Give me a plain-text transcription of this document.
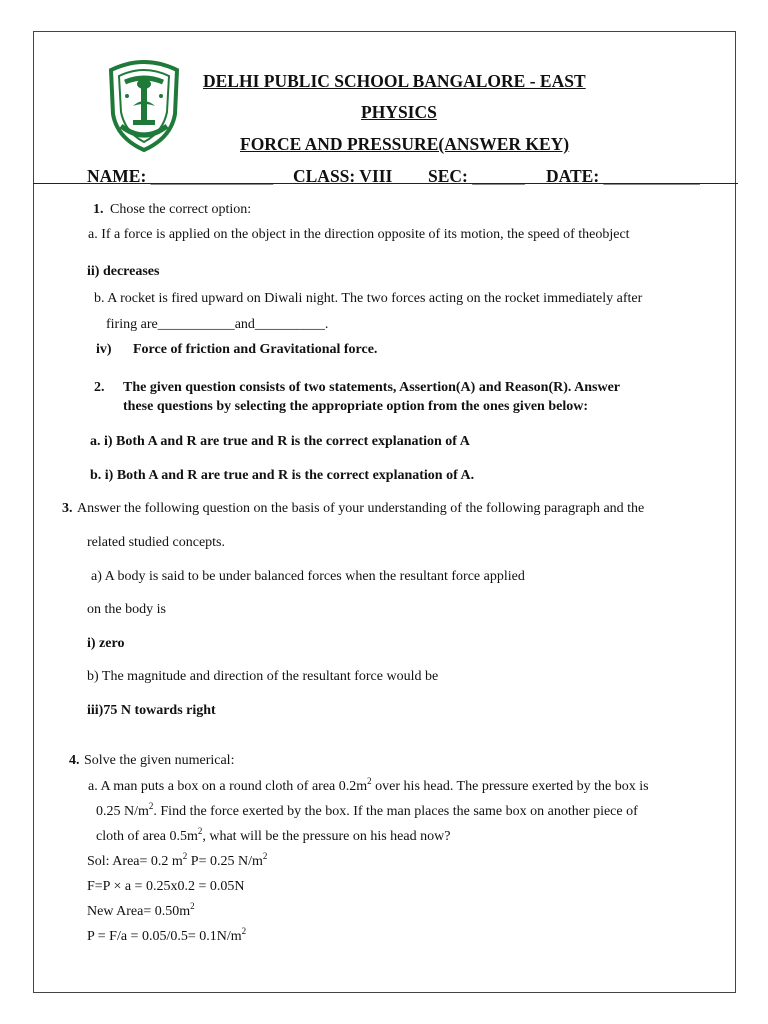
DELHI PUBLIC SCHOOL BANGALORE - EAST
PHYSICS
FORCE AND PRESSURE(ANSWER KEY)
NAME: ______________ CLASS: VIII SEC: ______ DATE: ___________
1. Chose the correct option:
a. If a force is applied on the object in the direction opposite of its motion, the speed of theobject
ii) decreases
b. A rocket is fired upward on Diwali night. The two forces acting on the rocket immediately after
firing are___________and__________.
iv) Force of friction and Gravitational force.
2. The given question consists of two statements, Assertion(A) and Reason(R). Answer
these questions by selecting the appropriate option from the ones given below:
a. i) Both A and R are true and R is the correct explanation of A
b. i) Both A and R are true and R is the correct explanation of A.
3. Answer the following question on the basis of your understanding of the following paragraph and the
related studied concepts.
a) A body is said to be under balanced forces when the resultant force applied
on the body is
i) zero
b) The magnitude and direction of the resultant force would be
iii)75 N towards right
4. Solve the given numerical:
a. A man puts a box on a round cloth of area $0.2m^2$ over his head. The pressure exerted by the box is
0.25 $N/m^2$. Find the force exerted by the box. If the man places the same box on another piece of
cloth of area $0.5m^2$, what will be the pressure on his head now?
Sol: Area= 0.2 $m^2$ P= 0.25 $N/m^2$
F=P × a = 0.25x0.2 = 0.05N
New Area= $0.50m^2$
$P = F/a = 0.05/0.5= 0.1N/m^2$
